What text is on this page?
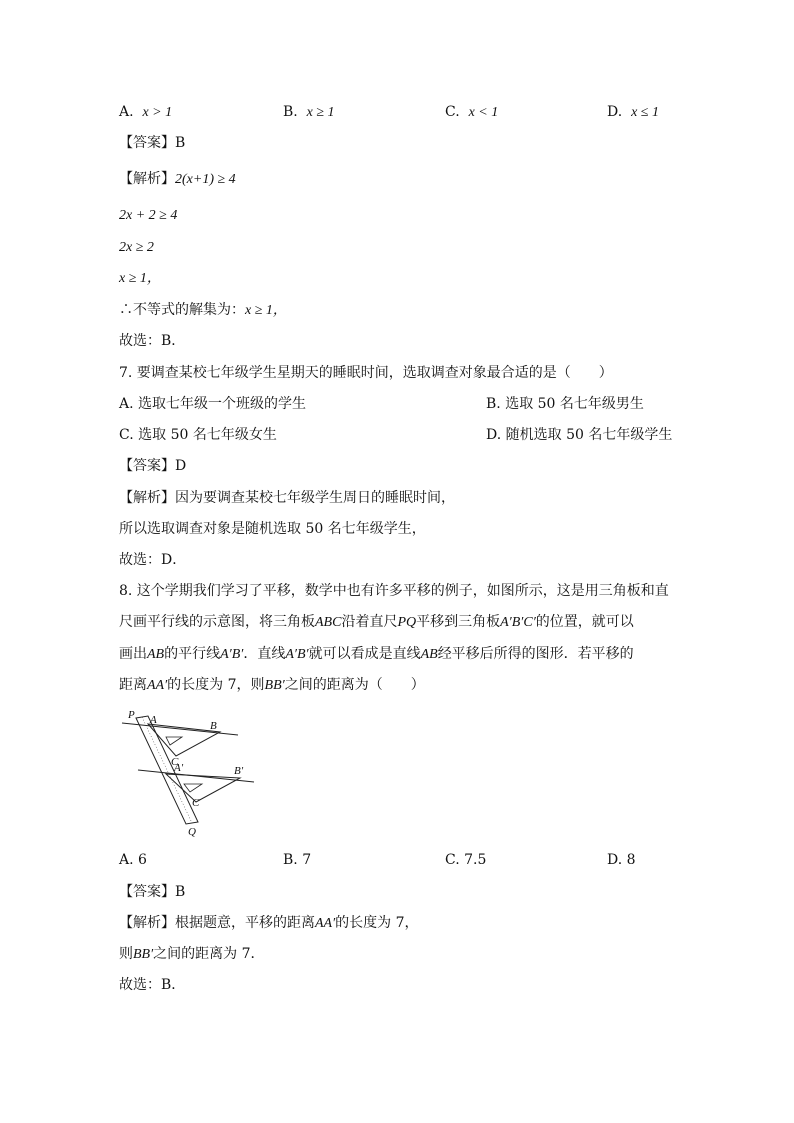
A. x > 1	B. x ≥ 1	C. x < 1	D. x ≤ 1
【答案】B
【解析】2(x+1) ≥ 4
2x + 2 ≥ 4
2x ≥ 2
x ≥ 1，
∴不等式的解集为：x ≥ 1，
故选：B．
7. 要调查某校七年级学生星期天的睡眠时间，选取调查对象最合适的是（　　）
A. 选取七年级一个班级的学生	B. 选取 50 名七年级男生
C. 选取 50 名七年级女生	D. 随机选取 50 名七年级学生
【答案】D
【解析】因为要调查某校七年级学生周日的睡眠时间，
所以选取调查对象是随机选取 50 名七年级学生，
故选：D．
8. 这个学期我们学习了平移，数学中也有许多平移的例子，如图所示，这是用三角板和直
尺画平行线的示意图，将三角板ABC沿着直尺PQ平移到三角板A′B′C′的位置，就可以
画出AB的平行线A′B′．直线A′B′就可以看成是直线AB经平移后所得的图形．若平移的
距离AA′的长度为 7，则BB′之间的距离为（　　）
P A	B
C
A′	B′
C
Q
A. 6	B. 7	C. 7.5	D. 8
【答案】B
【解析】根据题意，平移的距离AA′的长度为 7，
则BB′之间的距离为 7．
故选：B．
